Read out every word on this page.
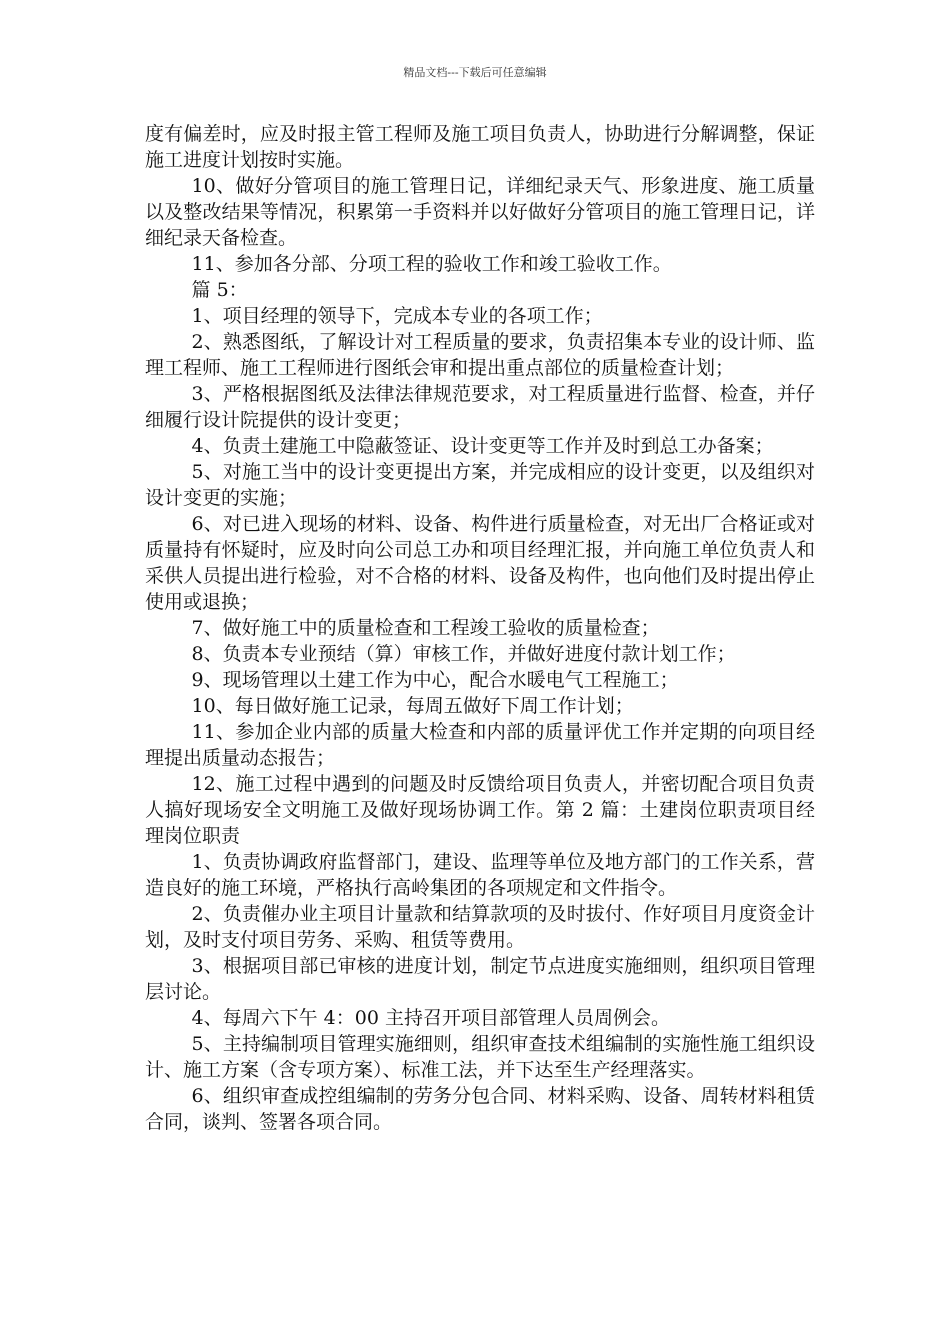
精品文档---下载后可任意编辑

度有偏差时，应及时报主管工程师及施工项目负责人，协助进行分解调整，保证施工进度计划按时实施。

10、做好分管项目的施工管理日记，详细纪录天气、形象进度、施工质量以及整改结果等情况，积累第一手资料并以好做好分管项目的施工管理日记，详细纪录天备检查。

11、参加各分部、分项工程的验收工作和竣工验收工作。

篇 5：

1、项目经理的领导下，完成本专业的各项工作；

2、熟悉图纸，了解设计对工程质量的要求，负责招集本专业的设计师、监理工程师、施工工程师进行图纸会审和提出重点部位的质量检查计划；

3、严格根据图纸及法律法律规范要求，对工程质量进行监督、检查，并仔细履行设计院提供的设计变更；

4、负责土建施工中隐蔽签证、设计变更等工作并及时到总工办备案；

5、对施工当中的设计变更提出方案，并完成相应的设计变更，以及组织对设计变更的实施；

6、对已进入现场的材料、设备、构件进行质量检查，对无出厂合格证或对质量持有怀疑时，应及时向公司总工办和项目经理汇报，并向施工单位负责人和采供人员提出进行检验，对不合格的材料、设备及构件，也向他们及时提出停止使用或退换；

7、做好施工中的质量检查和工程竣工验收的质量检查；

8、负责本专业预结（算）审核工作，并做好进度付款计划工作；

9、现场管理以土建工作为中心，配合水暖电气工程施工；

10、每日做好施工记录，每周五做好下周工作计划；

11、参加企业内部的质量大检查和内部的质量评优工作并定期的向项目经理提出质量动态报告；

12、施工过程中遇到的问题及时反馈给项目负责人，并密切配合项目负责人搞好现场安全文明施工及做好现场协调工作。第 2 篇：土建岗位职责项目经理岗位职责

1、负责协调政府监督部门，建设、监理等单位及地方部门的工作关系，营造良好的施工环境，严格执行高岭集团的各项规定和文件指令。

2、负责催办业主项目计量款和结算款项的及时拔付、作好项目月度资金计划，及时支付项目劳务、采购、租赁等费用。

3、根据项目部已审核的进度计划，制定节点进度实施细则，组织项目管理层讨论。

4、每周六下午 4：00 主持召开项目部管理人员周例会。

5、主持编制项目管理实施细则，组织审查技术组编制的实施性施工组织设计、施工方案（含专项方案）、标准工法，并下达至生产经理落实。

6、组织审查成控组编制的劳务分包合同、材料采购、设备、周转材料租赁合同，谈判、签署各项合同。
